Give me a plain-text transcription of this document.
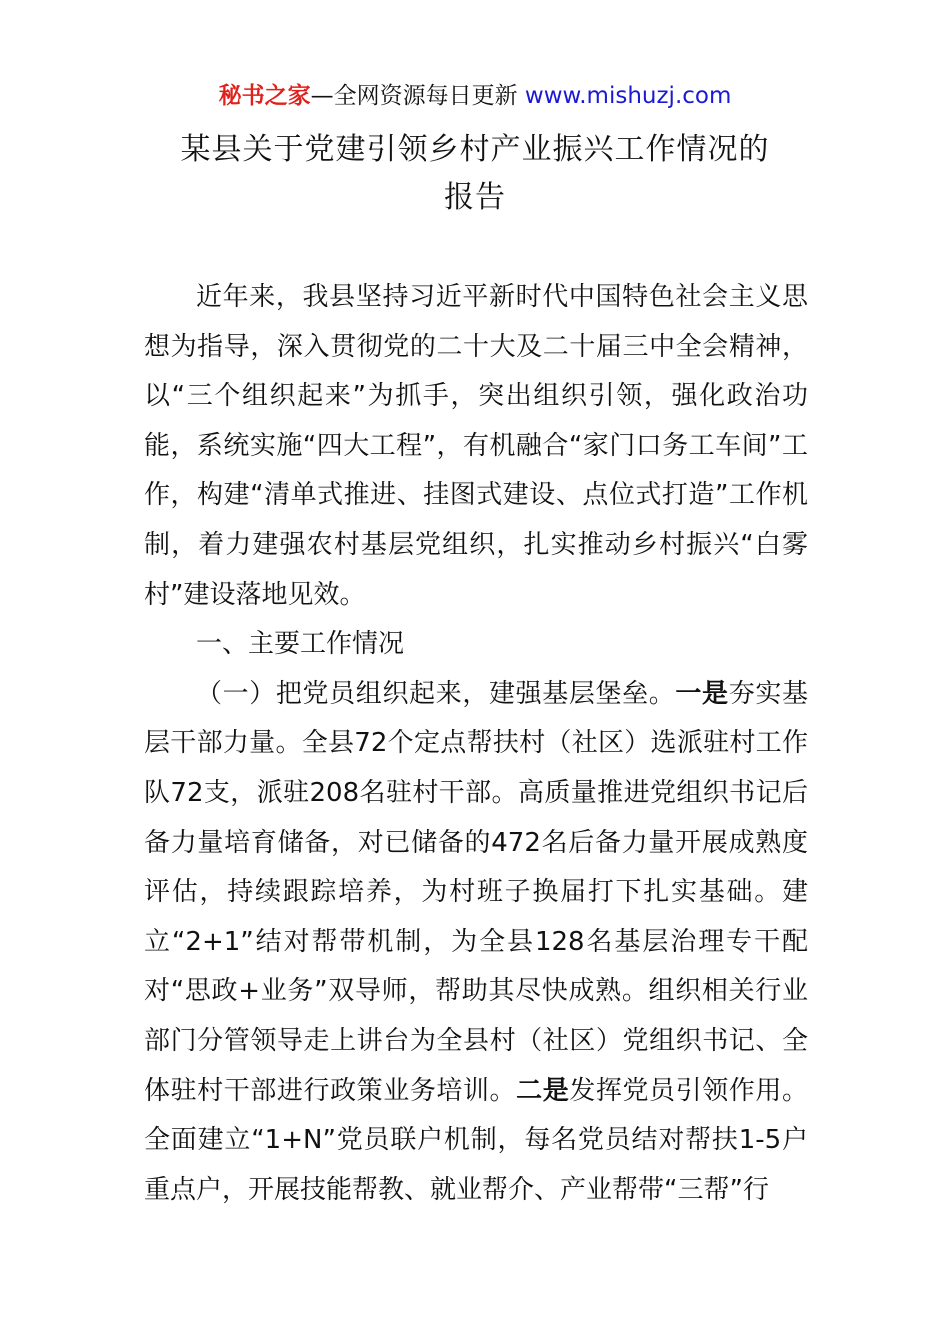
秘书之家—全网资源每日更新 www.mishuzj.com
某县关于党建引领乡村产业振兴工作情况的
报告

近年来，我县坚持习近平新时代中国特色社会主义思想为指导，深入贯彻党的二十大及二十届三中全会精神，以“三个组织起来”为抓手，突出组织引领，强化政治功能，系统实施“四大工程”，有机融合“家门口务工车间”工作，构建“清单式推进、挂图式建设、点位式打造”工作机制，着力建强农村基层党组织，扎实推动乡村振兴“白雾村”建设落地见效。

一、主要工作情况

（一）把党员组织起来，建强基层堡垒。一是夯实基层干部力量。全县72个定点帮扶村（社区）选派驻村工作队72支，派驻208名驻村干部。高质量推进党组织书记后备力量培育储备，对已储备的472名后备力量开展成熟度评估，持续跟踪培养，为村班子换届打下扎实基础。建立“2+1”结对帮带机制，为全县128名基层治理专干配对“思政+业务”双导师，帮助其尽快成熟。组织相关行业部门分管领导走上讲台为全县村（社区）党组织书记、全体驻村干部进行政策业务培训。二是发挥党员引领作用。全面建立“1+N”党员联户机制，每名党员结对帮扶1-5户重点户，开展技能帮教、就业帮介、产业帮带“三帮”行
